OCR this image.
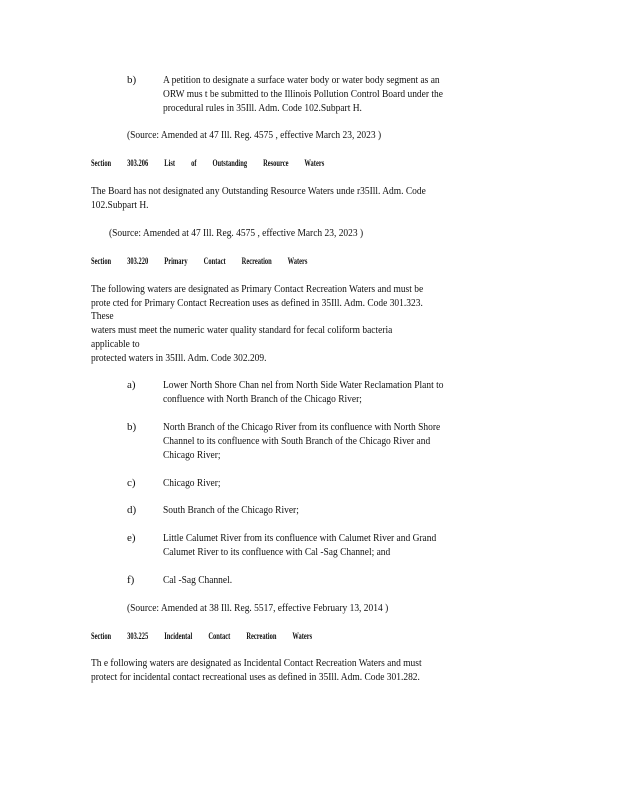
b) A petition to designate a surface water body or water body segment as an
ORW mus t be submitted to the Illinois Pollution Control Board under the
procedural rules in 35Ill. Adm. Code 102.Subpart H.
(Source: Amended at 47 Ill. Reg. 4575 , effective March 23, 2023 )
Section 303.206 List of Outstanding Resource Waters
The Board has not designated any Outstanding Resource Waters unde r35Ill. Adm. Code
102.Subpart H.
(Source: Amended at 47 Ill. Reg. 4575 , effective March 23, 2023 )
Section 303.220 Primary Contact Recreation Waters
The following waters are designated as Primary Contact Recreation Waters and must be
prote cted for Primary Contact Recreation uses as defined in 35Ill. Adm. Code 301.323.
These
waters must meet the numeric water quality standard for fecal coliform bacteria
applicable to
protected waters in 35Ill. Adm. Code 302.209.
a) Lower North Shore Chan nel from North Side Water Reclamation Plant to
confluence with North Branch of the Chicago River;
b) North Branch of the Chicago River from its confluence with North Shore
Channel to its confluence with South Branch of the Chicago River and
Chicago River;
c) Chicago River;
d) South Branch of the Chicago River;
e) Little Calumet River from its confluence with Calumet River and Grand
Calumet River to its confluence with Cal -Sag Channel; and
f)	Cal -Sag Channel.
(Source: Amended at 38 Ill. Reg. 5517, effective February 13, 2014 )
Section 303.225 Incidental Contact Recreation Waters
Th e following waters are designated as Incidental Contact Recreation Waters and must
protect for incidental contact recreational uses as defined in 35Ill. Adm. Code 301.282.
